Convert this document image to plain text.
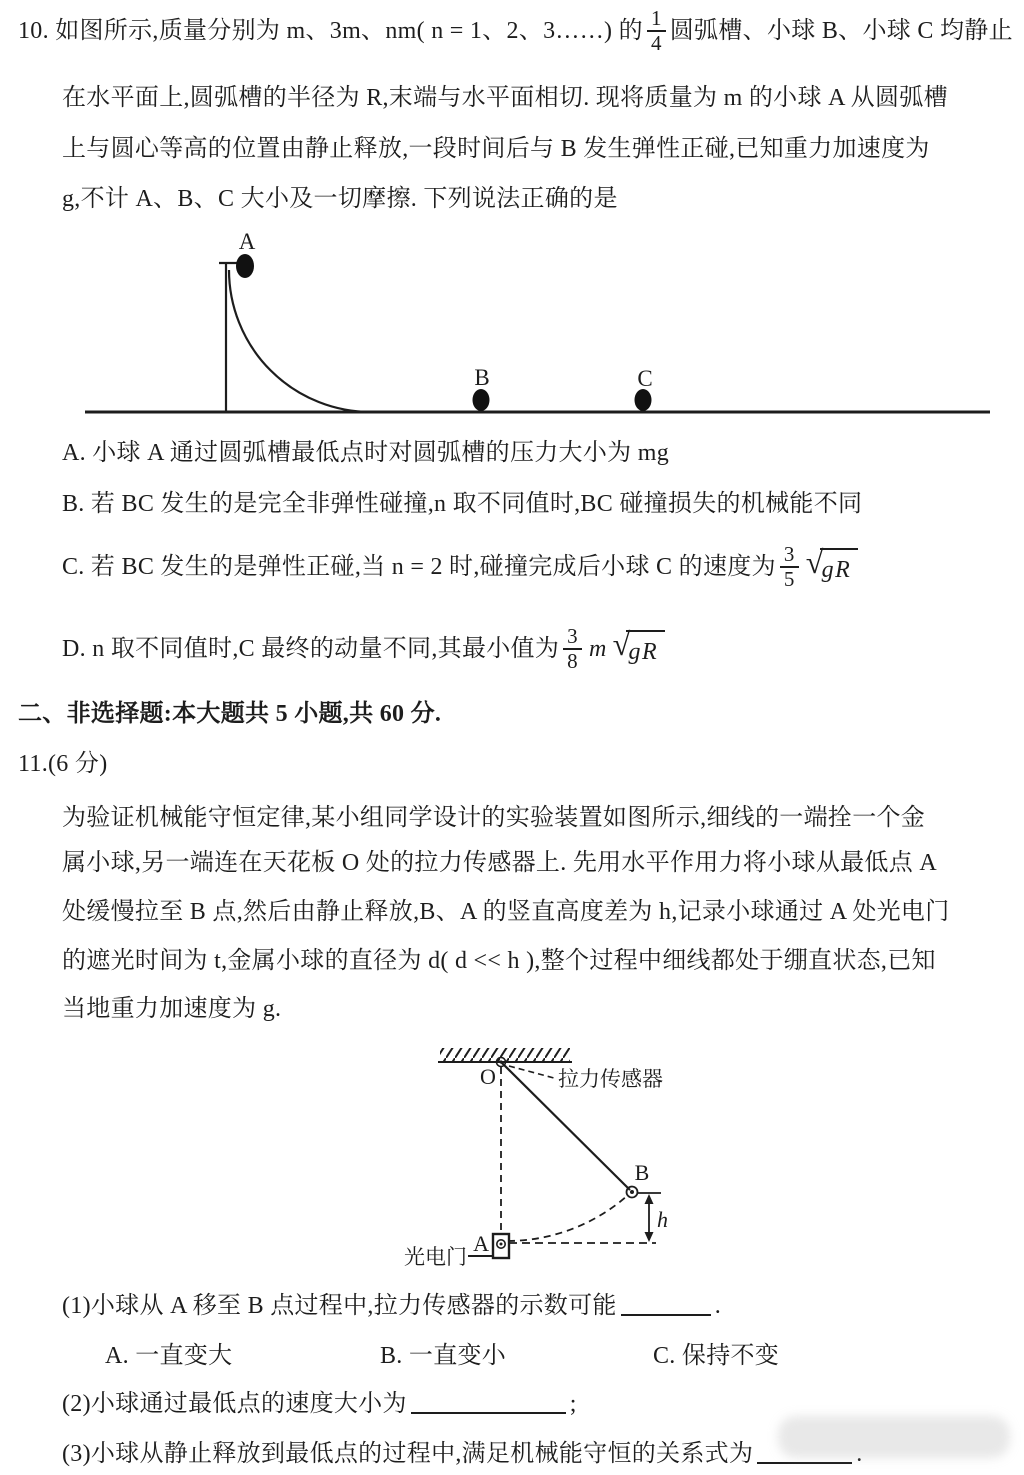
10. 如图所示,质量分别为 m、3m、nm( n = 1、2、3……) 的 $\frac{1}{4}$ 圆弧槽、小球 B、小球 C 均静止
在水平面上,圆弧槽的半径为 R,末端与水平面相切. 现将质量为 m 的小球 A 从圆弧槽
上与圆心等高的位置由静止释放,一段时间后与 B 发生弹性正碰,已知重力加速度为
g,不计 A、B、C 大小及一切摩擦. 下列说法正确的是
A
B	C
A. 小球 A 通过圆弧槽最低点时对圆弧槽的压力大小为 mg
B. 若 BC 发生的是完全非弹性碰撞,n 取不同值时,BC 碰撞损失的机械能不同
C. 若 BC 发生的是弹性正碰,当 n = 2 时,碰撞完成后小球 C 的速度为 $\frac{3}{5}$ √
gR
D. n 取不同值时,C 最终的动量不同,其最小值为 $\frac{3}{8}$ m √
gR
二、非选择题:本大题共 5 小题,共 60 分.
11.(6 分)
为验证机械能守恒定律,某小组同学设计的实验装置如图所示,细线的一端拴一个金
属小球,另一端连在天花板 O 处的拉力传感器上. 先用水平作用力将小球从最低点 A
处缓慢拉至 B 点,然后由静止释放,B、A 的竖直高度差为 h,记录小球通过 A 处光电门
的遮光时间为 t,金属小球的直径为 d( d << h ),整个过程中细线都处于绷直状态,已知
当地重力加速度为 g.
O	拉力传感器
B
A
光电门
h
(1)小球从 A 移至 B 点过程中,拉力传感器的示数可能	.
A. 一直变大	B. 一直变小	C. 保持不变
(2)小球通过最低点的速度大小为	;
(3)小球从静止释放到最低点的过程中,满足机械能守恒的关系式为	.
